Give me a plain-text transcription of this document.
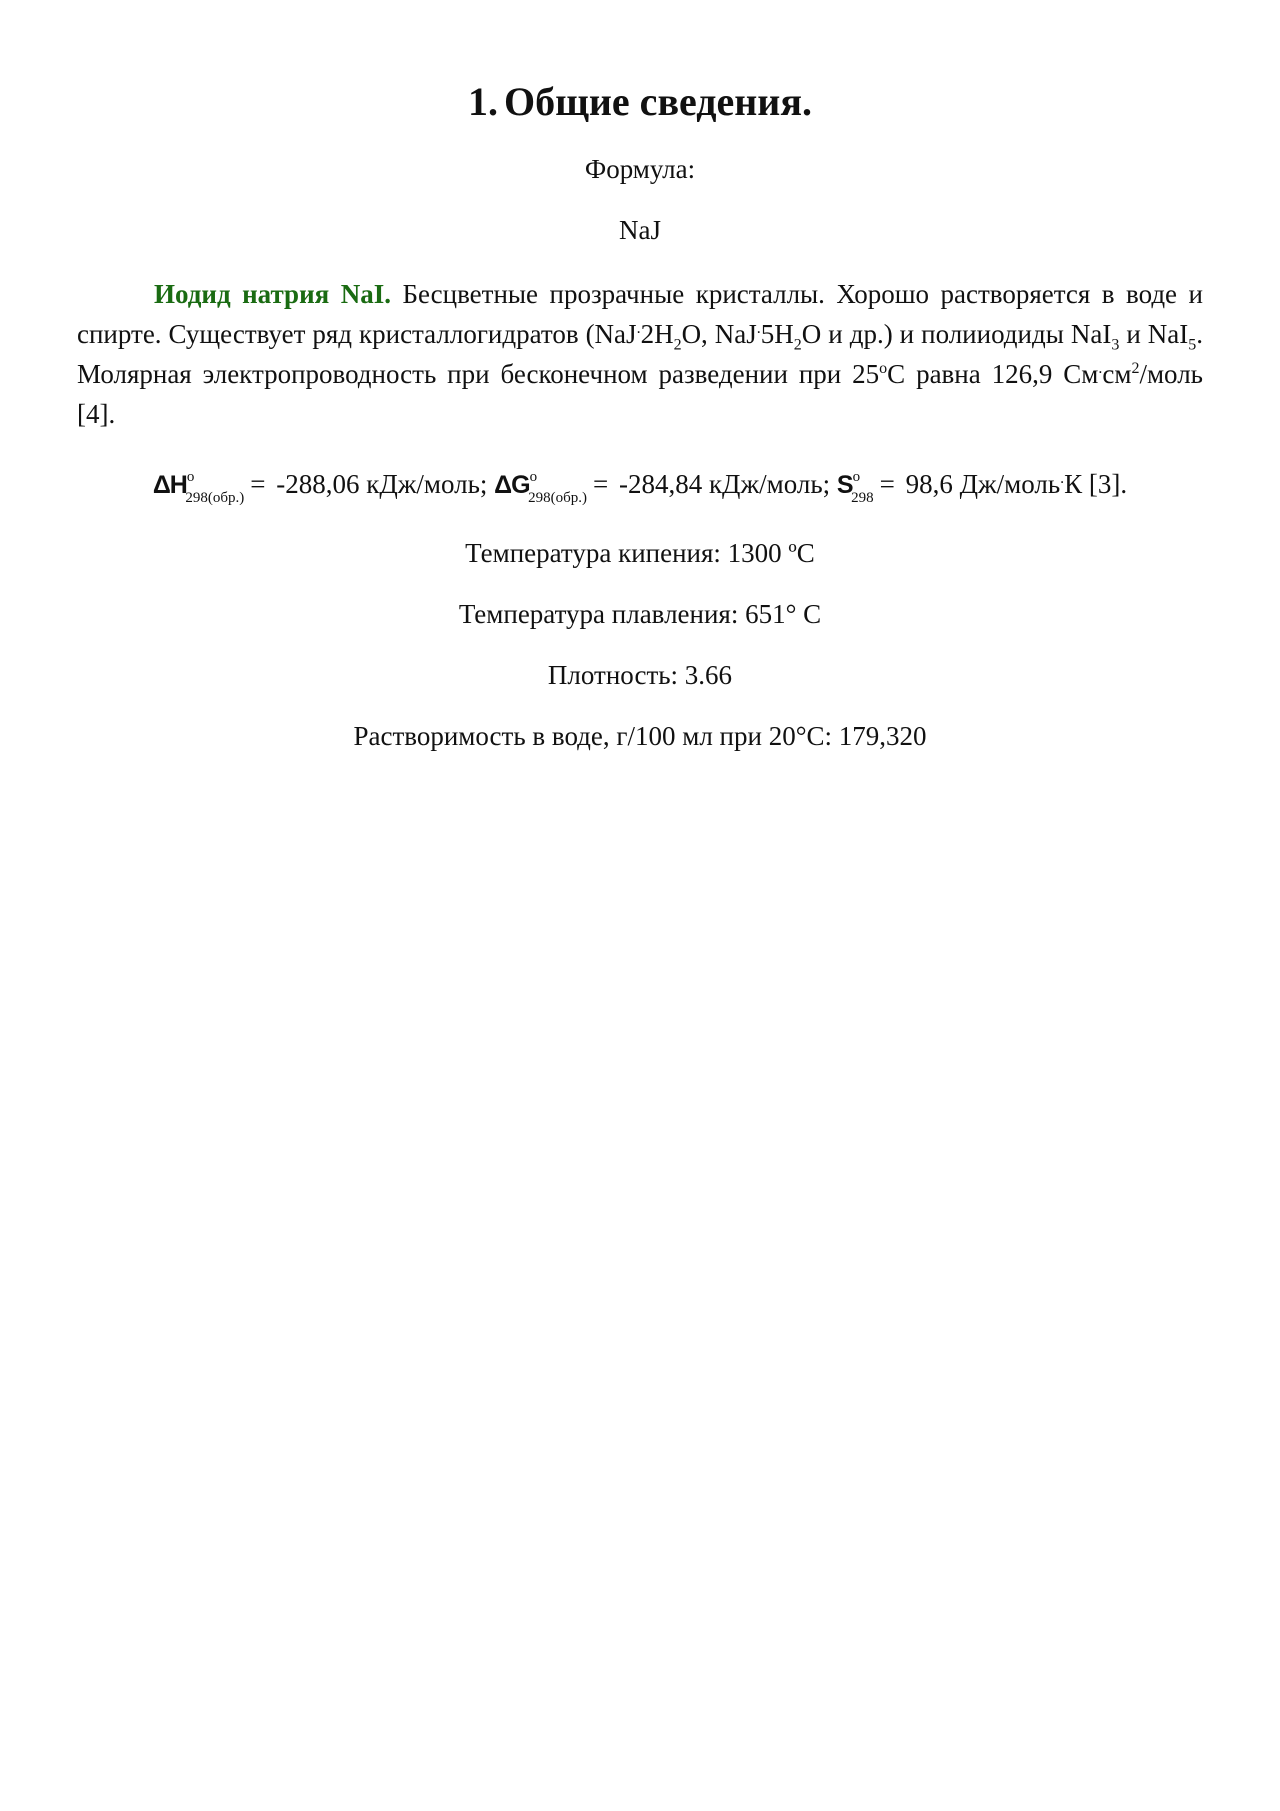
1. Общие сведения.

Формула:

NaJ

Иодид натрия NaI. Бесцветные прозрачные кристаллы. Хорошо растворяется в воде и спирте. Существует ряд кристаллогидратов ($NaJ^.2H_2O$, $NaJ^.5H_2O$ и др.) и полииодиды NaI$_3$ и NaI$_5$. Молярная электропроводность при бесконечном разведении при 25$^o$С равна 126,9 $См^.см^2$/моль [4].

$\Delta H^o_{298(обр.)} = -288,06$ кДж/моль; $\Delta G^o_{298(обр.)} = -284,84$ кДж/моль; $S^o_{298} = 98,6$ Дж/моль.К [3].

Температура кипения: 1300 ºС

Температура плавления: 651° C

Плотность: 3.66

Растворимость в воде, г/100 мл при 20°С: 179,320
